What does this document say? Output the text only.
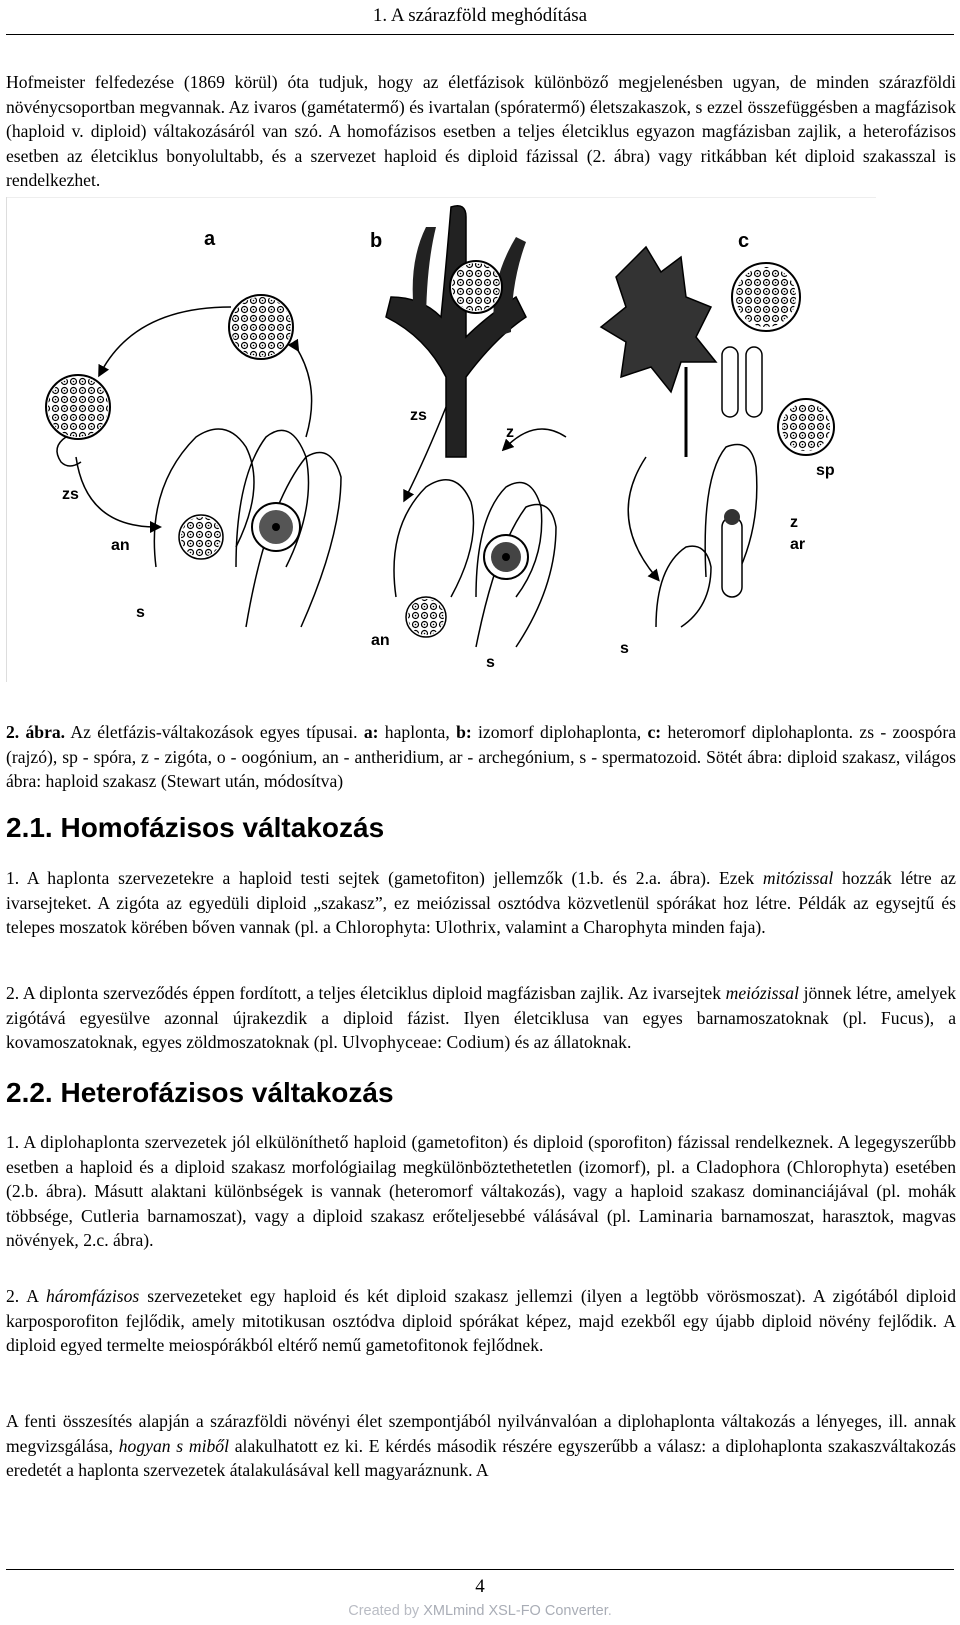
1. A szárazföld meghódítása
Hofmeister felfedezése (1869 körül) óta tudjuk, hogy az életfázisok különböző megjelenésben ugyan, de minden szárazföldi növénycsoportban megvannak. Az ivaros (gamétatermő) és ivartalan (spóratermő) életszakaszok, s ezzel összefüggésben a magfázisok (haploid v. diploid) váltakozásáról van szó. A homofázisos esetben a teljes életciklus egyazon magfázisban zajlik, a heterofázisos esetben az életciklus bonyolultabb, és a szervezet haploid és diploid fázissal (2. ábra) vagy ritkábban két diploid szakasszal is rendelkezhet.
a
zs
an
s
b
zs
z
an
s
c
sp
z
ar
s
2. ábra. Az életfázis-váltakozások egyes típusai. a: haplonta, b: izomorf diplohaplonta, c: heteromorf diplohaplonta. zs - zoospóra (rajzó), sp - spóra, z - zigóta, o - oogónium, an - antheridium, ar - archegónium, s - spermatozoid. Sötét ábra: diploid szakasz, világos ábra: haploid szakasz (Stewart után, módosítva)
2.1. Homofázisos váltakozás
1. A haplonta szervezetekre a haploid testi sejtek (gametofiton) jellemzők (1.b. és 2.a. ábra). Ezek mitózissal hozzák létre az ivarsejteket. A zigóta az egyedüli diploid „szakasz”, ez meiózissal osztódva közvetlenül spórákat hoz létre. Példák az egysejtű és telepes moszatok körében bőven vannak (pl. a Chlorophyta: Ulothrix, valamint a Charophyta minden faja).
2. A diplonta szerveződés éppen fordított, a teljes életciklus diploid magfázisban zajlik. Az ivarsejtek meiózissal jönnek létre, amelyek zigótává egyesülve azonnal újrakezdik a diploid fázist. Ilyen életciklusa van egyes barnamoszatoknak (pl. Fucus), a kovamoszatoknak, egyes zöldmoszatoknak (pl. Ulvophyceae: Codium) és az állatoknak.
2.2. Heterofázisos váltakozás
1. A diplohaplonta szervezetek jól elkülöníthető haploid (gametofiton) és diploid (sporofiton) fázissal rendelkeznek. A legegyszerűbb esetben a haploid és a diploid szakasz morfológiailag megkülönböztethetetlen (izomorf), pl. a Cladophora (Chlorophyta) esetében (2.b. ábra). Másutt alaktani különbségek is vannak (heteromorf váltakozás), vagy a haploid szakasz dominanciájával (pl. mohák többsége, Cutleria barnamoszat), vagy a diploid szakasz erőteljesebbé válásával (pl. Laminaria barnamoszat, harasztok, magvas növények, 2.c. ábra).
2. A háromfázisos szervezeteket egy haploid és két diploid szakasz jellemzi (ilyen a legtöbb vörösmoszat). A zigótából diploid karposporofiton fejlődik, amely mitotikusan osztódva diploid spórákat képez, majd ezekből egy újabb diploid növény fejlődik. A diploid egyed termelte meiospórákból eltérő nemű gametofitonok fejlődnek.
A fenti összesítés alapján a szárazföldi növényi élet szempontjából nyilvánvalóan a diplohaplonta váltakozás a lényeges, ill. annak megvizsgálása, hogyan s miből alakulhatott ez ki. E kérdés második részére egyszerűbb a válasz: a diplohaplonta szakaszváltakozás eredetét a haplonta szervezetek átalakulásával kell magyaráznunk. A
4
Created by XMLmind XSL-FO Converter.
